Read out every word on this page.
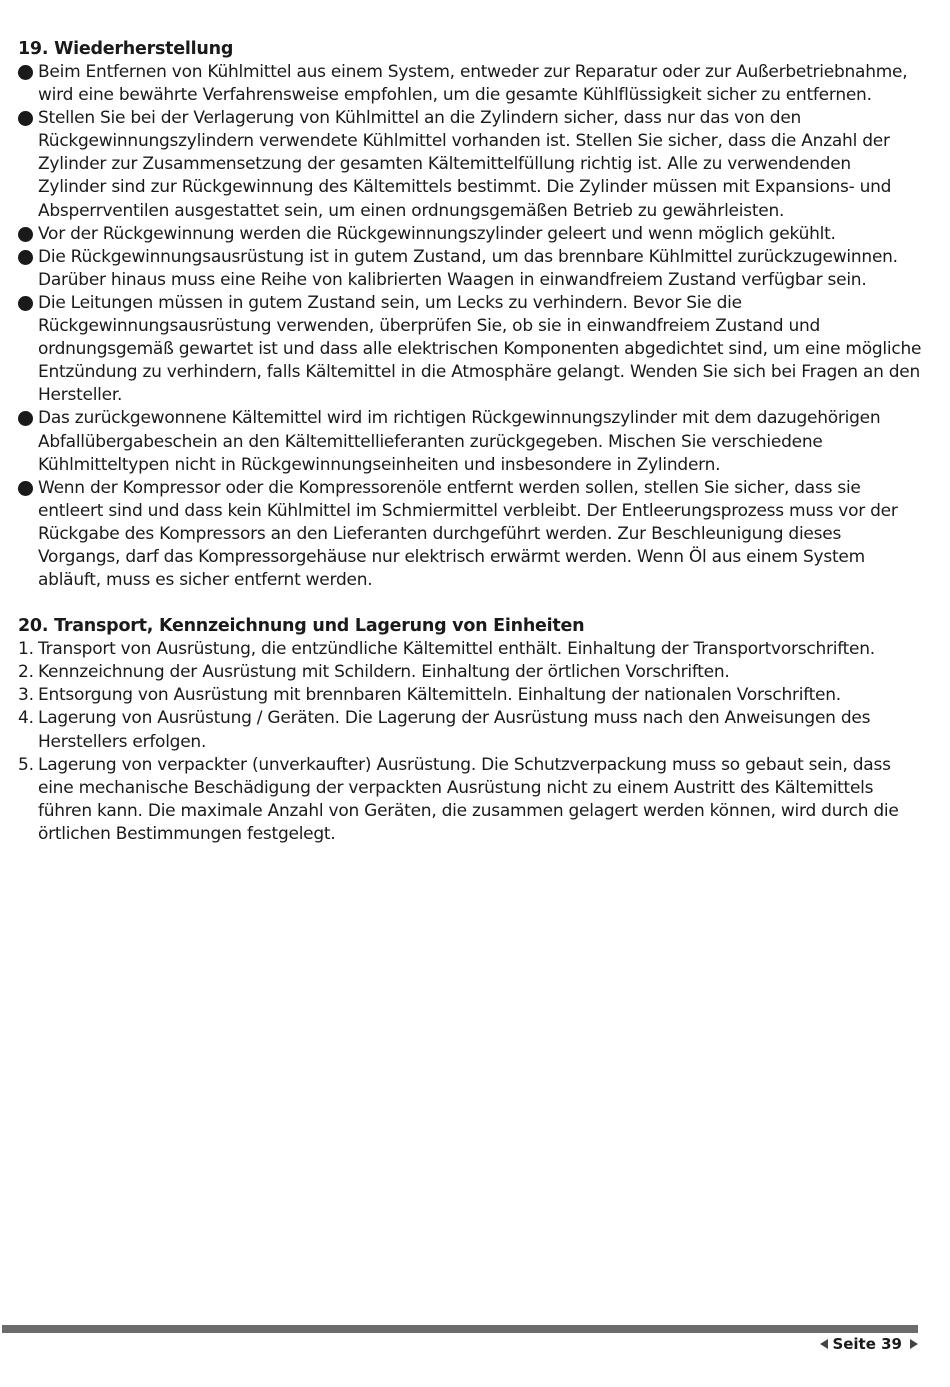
19. Wiederherstellung
Beim Entfernen von Kühlmittel aus einem System, entweder zur Reparatur oder zur Außerbetriebnahme, wird eine bewährte Verfahrensweise empfohlen, um die gesamte Kühlflüssigkeit sicher zu entfernen.
Stellen Sie bei der Verlagerung von Kühlmittel an die Zylindern sicher, dass nur das von den Rückgewinnungszylindern verwendete Kühlmittel vorhanden ist. Stellen Sie sicher, dass die Anzahl der Zylinder zur Zusammensetzung der gesamten Kältemittelfüllung richtig ist. Alle zu verwendenden Zylinder sind zur Rückgewinnung des Kältemittels bestimmt. Die Zylinder müssen mit Expansions- und Absperrventilen ausgestattet sein, um einen ordnungsgemäßen Betrieb zu gewährleisten.
Vor der Rückgewinnung werden die Rückgewinnungszylinder geleert und wenn möglich gekühlt.
Die Rückgewinnungsausrüstung ist in gutem Zustand, um das brennbare Kühlmittel zurückzugewinnen. Darüber hinaus muss eine Reihe von kalibrierten Waagen in einwandfreiem Zustand verfügbar sein.
Die Leitungen müssen in gutem Zustand sein, um Lecks zu verhindern. Bevor Sie die Rückgewinnungsausrüstung verwenden, überprüfen Sie, ob sie in einwandfreiem Zustand und ordnungsgemäß gewartet ist und dass alle elektrischen Komponenten abgedichtet sind, um eine mögliche Entzündung zu verhindern, falls Kältemittel in die Atmosphäre gelangt. Wenden Sie sich bei Fragen an den Hersteller.
Das zurückgewonnene Kältemittel wird im richtigen Rückgewinnungszylinder mit dem dazugehörigen Abfallübergabeschein an den Kältemittellieferanten zurückgegeben. Mischen Sie verschiedene Kühlmitteltypen nicht in Rückgewinnungseinheiten und insbesondere in Zylindern.
Wenn der Kompressor oder die Kompressorenöle entfernt werden sollen, stellen Sie sicher, dass sie entleert sind und dass kein Kühlmittel im Schmiermittel verbleibt. Der Entleerungsprozess muss vor der Rückgabe des Kompressors an den Lieferanten durchgeführt werden. Zur Beschleunigung dieses Vorgangs, darf das Kompressorgehäuse nur elektrisch erwärmt werden. Wenn Öl aus einem System abläuft, muss es sicher entfernt werden.
20. Transport, Kennzeichnung und Lagerung von Einheiten
1. Transport von Ausrüstung, die entzündliche Kältemittel enthält. Einhaltung der Transportvorschriften.
2. Kennzeichnung der Ausrüstung mit Schildern. Einhaltung der örtlichen Vorschriften.
3. Entsorgung von Ausrüstung mit brennbaren Kältemitteln. Einhaltung der nationalen Vorschriften.
4. Lagerung von Ausrüstung / Geräten. Die Lagerung der Ausrüstung muss nach den Anweisungen des Herstellers erfolgen.
5. Lagerung von verpackter (unverkaufter) Ausrüstung. Die Schutzverpackung muss so gebaut sein, dass eine mechanische Beschädigung der verpackten Ausrüstung nicht zu einem Austritt des Kältemittels führen kann. Die maximale Anzahl von Geräten, die zusammen gelagert werden können, wird durch die örtlichen Bestimmungen festgelegt.
Seite 39
